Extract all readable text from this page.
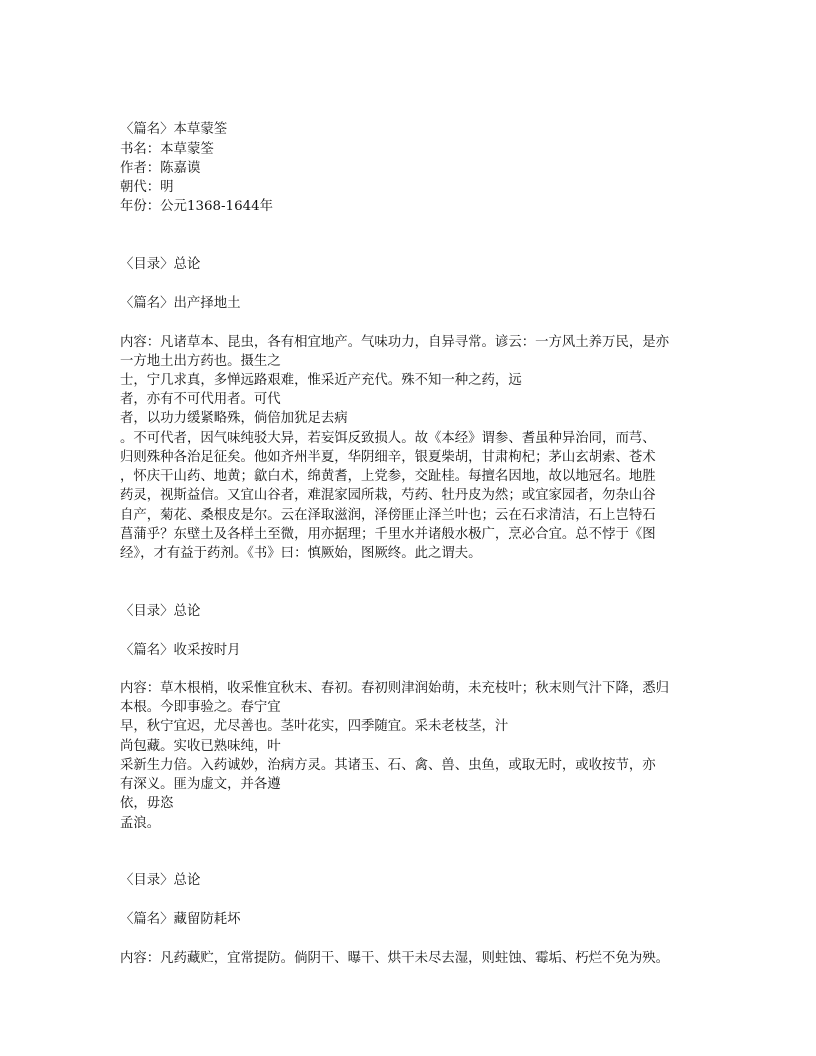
〈篇名〉本草蒙筌
书名：本草蒙筌
作者：陈嘉谟
朝代：明
年份：公元1368-1644年
〈目录〉总论
〈篇名〉出产择地土
内容：凡诸草本、昆虫，各有相宜地产。气味功力，自异寻常。谚云：一方风土养万民，是亦
一方地土出方药也。摄生之
士，宁几求真，多惮远路艰难，惟采近产充代。殊不知一种之药，远
者，亦有不可代用者。可代
者，以功力缓紧略殊，倘倍加犹足去病
。不可代者，因气味纯驳大异，若妄饵反致损人。故《本经》谓参、耆虽种异治同，而芎、
归则殊种各治足征矣。他如齐州半夏，华阴细辛，银夏柴胡，甘肃枸杞；茅山玄胡索、苍术
，怀庆干山药、地黄；歙白术，绵黄耆，上党参，交趾桂。每擅名因地，故以地冠名。地胜
药灵，视斯益信。又宜山谷者，难混家园所栽，芍药、牡丹皮为然；或宜家园者，勿杂山谷
自产，菊花、桑根皮是尔。云在泽取滋润，泽傍匪止泽兰叶也；云在石求清洁，石上岂特石
菖蒲乎？东壁土及各样土至微，用亦据理；千里水并诸般水极广，烹必合宜。总不悖于《图
经》，才有益于药剂。《书》曰：慎厥始，图厥终。此之谓夫。
〈目录〉总论
〈篇名〉收采按时月
内容：草木根梢，收采惟宜秋末、春初。春初则津润始萌，未充枝叶；秋末则气汁下降，悉归
本根。今即事验之。春宁宜
早，秋宁宜迟，尤尽善也。茎叶花实，四季随宜。采未老枝茎，汁
尚包藏。实收已熟味纯，叶
采新生力倍。入药诚妙，治病方灵。其诸玉、石、禽、兽、虫鱼，或取无时，或收按节，亦
有深义。匪为虚文，并各遵
依，毋恣
孟浪。
〈目录〉总论
〈篇名〉藏留防耗坏
内容：凡药藏贮，宜常提防。倘阴干、曝干、烘干未尽去湿，则蛀蚀、霉垢、朽烂不免为殃。
